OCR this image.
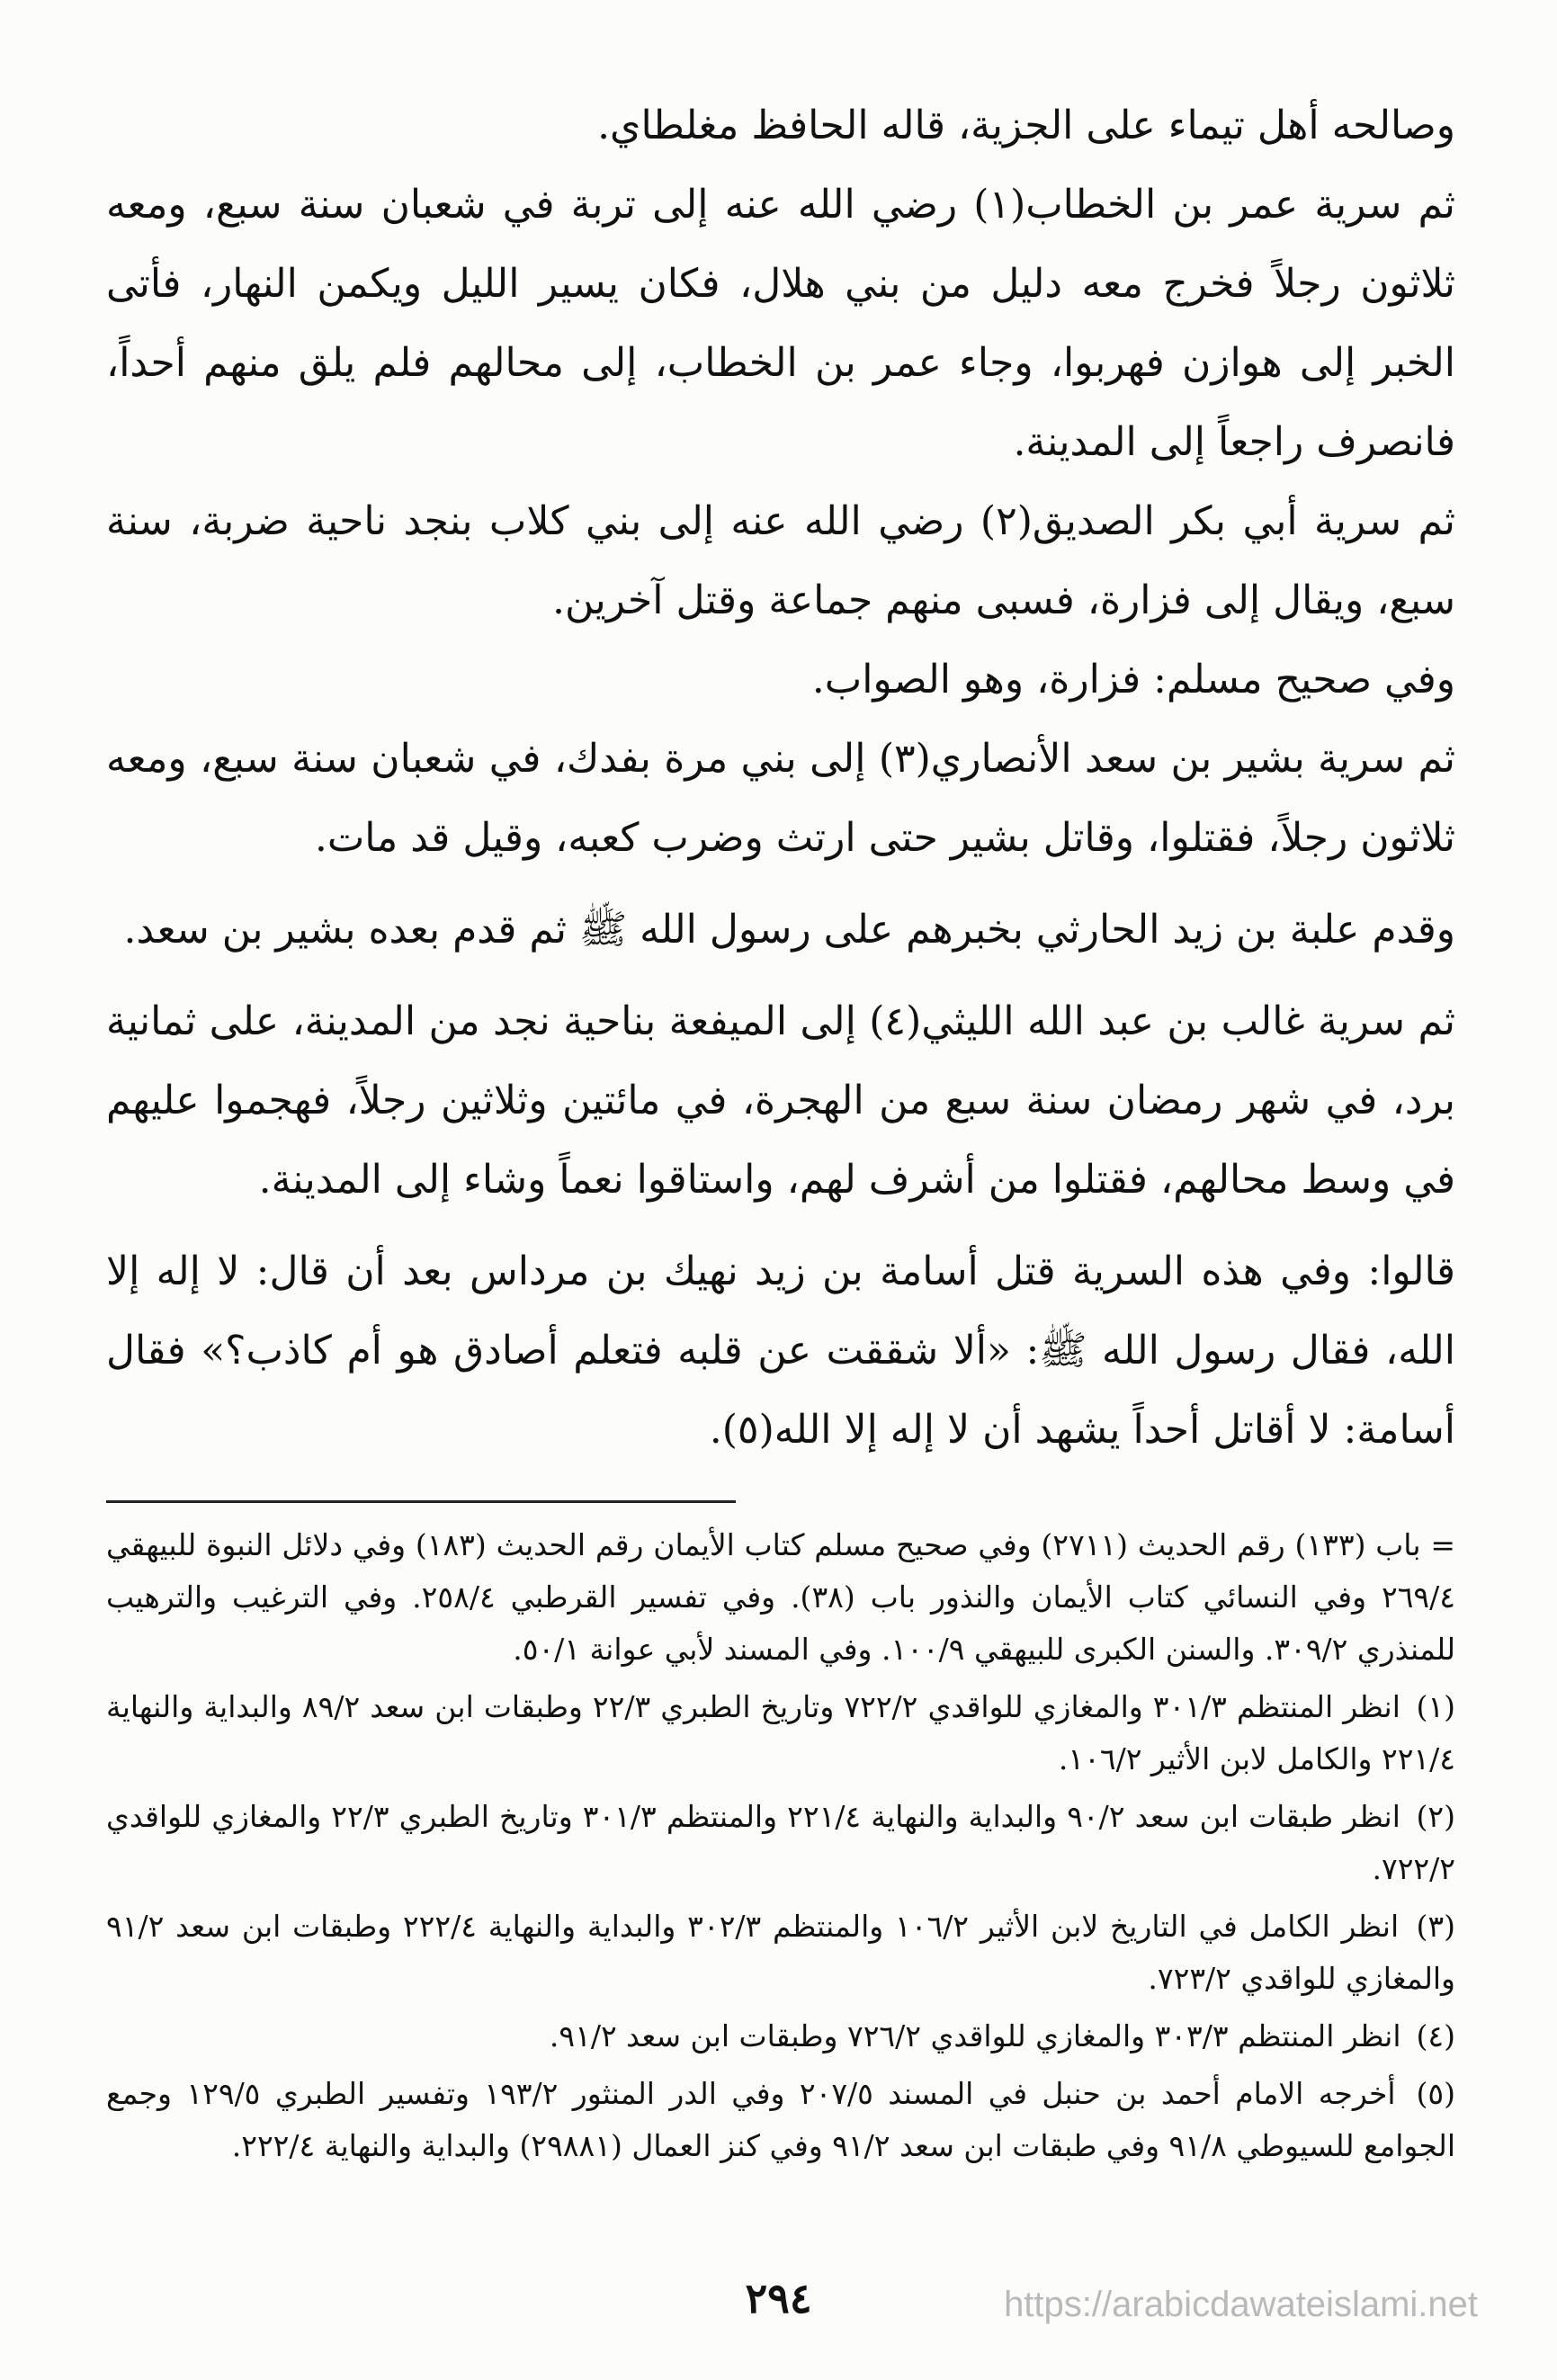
وصالحه أهل تيماء على الجزية، قاله الحافظ مغلطاي.

ثم سرية عمر بن الخطاب(١) رضي الله عنه إلى تربة في شعبان سنة سبع، ومعه ثلاثون رجلاً فخرج معه دليل من بني هلال، فكان يسير الليل ويكمن النهار، فأتى الخبر إلى هوازن فهربوا، وجاء عمر بن الخطاب، إلى محالهم فلم يلق منهم أحداً، فانصرف راجعاً إلى المدينة.

ثم سرية أبي بكر الصديق(٢) رضي الله عنه إلى بني كلاب بنجد ناحية ضربة، سنة سبع، ويقال إلى فزارة، فسبى منهم جماعة وقتل آخرين.

وفي صحيح مسلم: فزارة، وهو الصواب.

ثم سرية بشير بن سعد الأنصاري(٣) إلى بني مرة بفدك، في شعبان سنة سبع، ومعه ثلاثون رجلاً، فقتلوا، وقاتل بشير حتى ارتث وضرب كعبه، وقيل قد مات.

وقدم علبة بن زيد الحارثي بخبرهم على رسول الله ﷺ ثم قدم بعده بشير بن سعد.

ثم سرية غالب بن عبد الله الليثي(٤) إلى الميفعة بناحية نجد من المدينة، على ثمانية برد، في شهر رمضان سنة سبع من الهجرة، في مائتين وثلاثين رجلاً، فهجموا عليهم في وسط محالهم، فقتلوا من أشرف لهم، واستاقوا نعماً وشاء إلى المدينة.

قالوا: وفي هذه السرية قتل أسامة بن زيد نهيك بن مرداس بعد أن قال: لا إله إلا الله، فقال رسول الله ﷺ: «ألا شققت عن قلبه فتعلم أصادق هو أم كاذب؟» فقال أسامة: لا أقاتل أحداً يشهد أن لا إله إلا الله(٥).

= باب (١٣٣) رقم الحديث (٢٧١١) وفي صحيح مسلم كتاب الأيمان رقم الحديث (١٨٣) وفي دلائل النبوة للبيهقي ٢٦٩/٤ وفي النسائي كتاب الأيمان والنذور باب (٣٨). وفي تفسير القرطبي ٢٥٨/٤. وفي الترغيب والترهيب للمنذري ٣٠٩/٢. والسنن الكبرى للبيهقي ١٠٠/٩. وفي المسند لأبي عوانة ٥٠/١.

(١) انظر المنتظم ٣٠١/٣ والمغازي للواقدي ٧٢٢/٢ وتاريخ الطبري ٢٢/٣ وطبقات ابن سعد ٨٩/٢ والبداية والنهاية ٢٢١/٤ والكامل لابن الأثير ١٠٦/٢.

(٢) انظر طبقات ابن سعد ٩٠/٢ والبداية والنهاية ٢٢١/٤ والمنتظم ٣٠١/٣ وتاريخ الطبري ٢٢/٣ والمغازي للواقدي ٧٢٢/٢.

(٣) انظر الكامل في التاريخ لابن الأثير ١٠٦/٢ والمنتظم ٣٠٢/٣ والبداية والنهاية ٢٢٢/٤ وطبقات ابن سعد ٩١/٢ والمغازي للواقدي ٧٢٣/٢.

(٤) انظر المنتظم ٣٠٣/٣ والمغازي للواقدي ٧٢٦/٢ وطبقات ابن سعد ٩١/٢.

(٥) أخرجه الامام أحمد بن حنبل في المسند ٢٠٧/٥ وفي الدر المنثور ١٩٣/٢ وتفسير الطبري ١٢٩/٥ وجمع الجوامع للسيوطي ٩١/٨ وفي طبقات ابن سعد ٩١/٢ وفي كنز العمال (٢٩٨٨١) والبداية والنهاية ٢٢٢/٤.

٢٩٤	https://arabicdawateislami.net
